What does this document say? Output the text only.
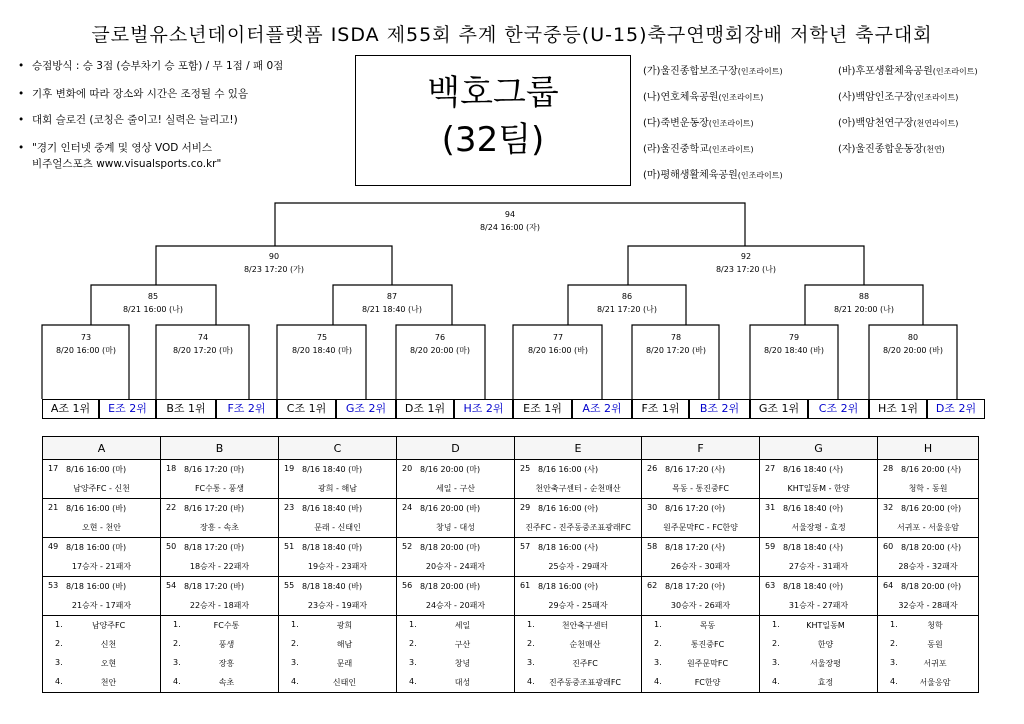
글로벌유소년데이터플랫폼 ISDA 제55회 추계 한국중등(U-15)축구연맹회장배 저학년 축구대회
• 승점방식 : 승 3점 (승부차기 승 포함) / 무 1점 / 패 0점
• 기후 변화에 따라 장소와 시간은 조정될 수 있음
• 대회 슬로건 (코칭은 줄이고! 실력은 늘리고!)
• "경기 인터넷 중계 및 영상 VOD 서비스
비주얼스포츠 www.visualsports.co.kr"
백호그룹
(32팀)
(가)울진종합보조구장(인조라이트)
(나)연호체육공원(인조라이트)
(다)죽변운동장(인조라이트)
(라)울진중학교(인조라이트)
(마)평해생활체육공원(인조라이트)
(바)후포생활체육공원(인조라이트)
(사)백암인조구장(인조라이트)
(아)백암천연구장(천연라이트)
(자)울진종합운동장(천연)
94
8/24 16:00 (자)
90
8/23 17:20 (가)
92
8/23 17:20 (나)
85
8/21 16:00 (나)
87
8/21 18:40 (나)
86
8/21 17:20 (나)
88
8/21 20:00 (나)
73
8/20 16:00 (마)
74
8/20 17:20 (마)
75
8/20 18:40 (마)
76
8/20 20:00 (마)
77
8/20 16:00 (바)
78
8/20 17:20 (바)
79
8/20 18:40 (바)
80
8/20 20:00 (바)
A조 1위	E조 2위	B조 1위	F조 2위	C조 1위	G조 2위	D조 1위	H조 2위	E조 1위	A조 2위	F조 1위	B조 2위	G조 1위	C조 2위	H조 1위	D조 2위
A	B	C	D	E	F	G	H

17 8/16 16:00 (마)	18 8/16 17:20 (마)	19 8/16 18:40 (마)	20 8/16 20:00 (마)	25 8/16 16:00 (사)	26 8/16 17:20 (사)	27 8/16 18:40 (사)	28 8/16 20:00 (사)

남양주FC - 신천	FC수통 - 풍생	광희 - 해남	세일 - 구산	천안축구센터 - 순천매산	목동 - 통진중FC	KHT일동M - 한양	청학 - 동원

21 8/16 16:00 (바)	22 8/16 17:20 (바)	23 8/16 18:40 (바)	24 8/16 20:00 (바)	29 8/16 16:00 (아)	30 8/16 17:20 (아)	31 8/16 18:40 (아)	32 8/16 20:00 (아)

오현 - 천안	장흥 - 속초	문래 - 신태인	창녕 - 대성	진주FC - 진주동중조표광래FC	원주문막FC - FC한양	서울장평 - 효정	서귀포 - 서울응암

49 8/18 16:00 (마)	50 8/18 17:20 (마)	51 8/18 18:40 (마)	52 8/18 20:00 (마)	57 8/18 16:00 (사)	58 8/18 17:20 (사)	59 8/18 18:40 (사)	60 8/18 20:00 (사)

17승자 - 21패자	18승자 - 22패자	19승자 - 23패자	20승자 - 24패자	25승자 - 29패자	26승자 - 30패자	27승자 - 31패자	28승자 - 32패자

53 8/18 16:00 (바)	54 8/18 17:20 (바)	55 8/18 18:40 (바)	56 8/18 20:00 (바)	61 8/18 16:00 (아)	62 8/18 17:20 (아)	63 8/18 18:40 (아)	64 8/18 20:00 (아)

21승자 - 17패자	22승자 - 18패자	23승자 - 19패자	24승자 - 20패자	29승자 - 25패자	30승자 - 26패자	31승자 - 27패자	32승자 - 28패자

1. 남양주FC	1. FC수통	1. 광희	1. 세일	1. 천안축구센터	1. 목동	1. KHT일동M	1. 청학

2. 신천	2. 풍생	2. 해남	2. 구산	2. 순천매산	2. 통진중FC	2. 한양	2. 동원

3. 오현	3. 장흥	3. 문래	3. 창녕	3. 진주FC	3. 원주문막FC	3. 서울장평	3. 서귀포

4. 천안	4. 속초	4. 신태인	4. 대성	4. 진주동중조표광래FC	4. FC한양	4. 효정	4. 서울응암
